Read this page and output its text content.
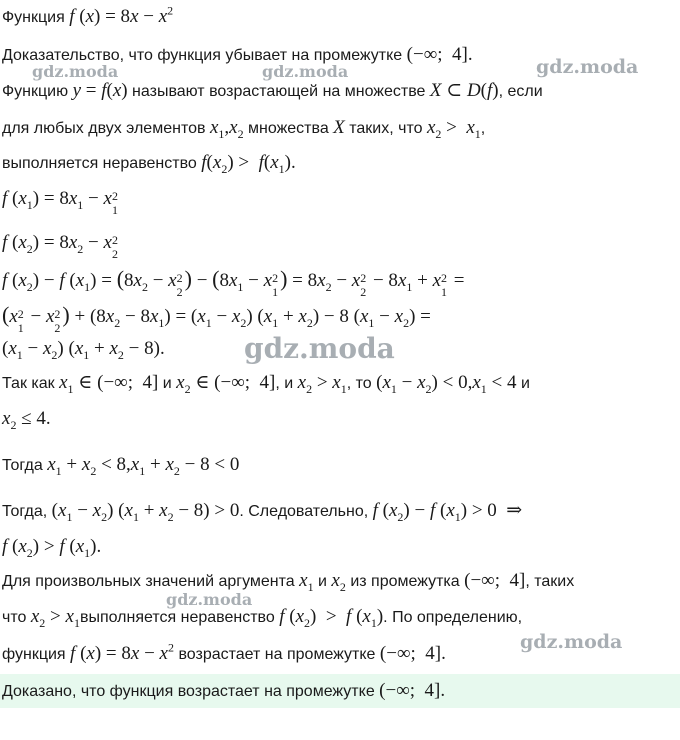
Функция f $(x) = 8x - x^2$
Доказательство, что функция убывает на промежутке (−∞;  4].
Функцию y = f(x) называют возрастающей на множестве X ⊂ D(f), если
для любых двух элементов $x_1,x_2$ множества X таких, что $x_2 > x_1$,
выполняется неравенство $f(x_2) > f(x_1)$.
f $(x_1) = 8x_1 - x$ 2
1
f $(x_2) = 8x_2 - x$ 2
2
f $(x_2) - f$ $(x_1) = (8x_2 - x$ 2
2
) − ($8x_1 - x$ 2
1
) = $8x_2 - x$ 2
2
− $8x_1 + x$ 2
1
=
(x 2
1
− x 2
2
) + $(8x_2 - 8x_1) = (x_1 - x_2) (x_1 + x_2) - 8$ $(x_1 - x_2)$ =
$(x_1 - x_2) (x_1 + x_2 - 8)$.
Так как $x_1$ ∈ (−∞;  4] и $x_2$ ∈ (−∞;  4], и $x_2 > x_1$, то $(x_1 - x_2) < 0,x_1 < 4$ и
$x_2 \le 4$.
Тогда $x_1 + x_2 < 8,x_1 + x_2 - 8 < 0$
Тогда, $(x_1 - x_2) (x_1 + x_2 - 8) > 0$. Следовательно, f $(x_2) - f$ $(x_1) > 0$  ⇒
f $(x_2) > f$ $(x_1)$.
Для произвольных значений аргумента $x_1$ и $x_2$ из промежутка (−∞;  4], таких
что $x_2$ > $x_1выполняется$ неравенство f $(x_2) > f$ $(x_1)$. По определению,
функция f $(x) = 8x - x^2$ возрастает на промежутке (−∞;  4].
Доказано, что функция возрастает на промежутке (−∞;  4].
gdz.moda	gdz.moda	gdz.moda
gdz.moda
gdz.moda
gdz.moda
